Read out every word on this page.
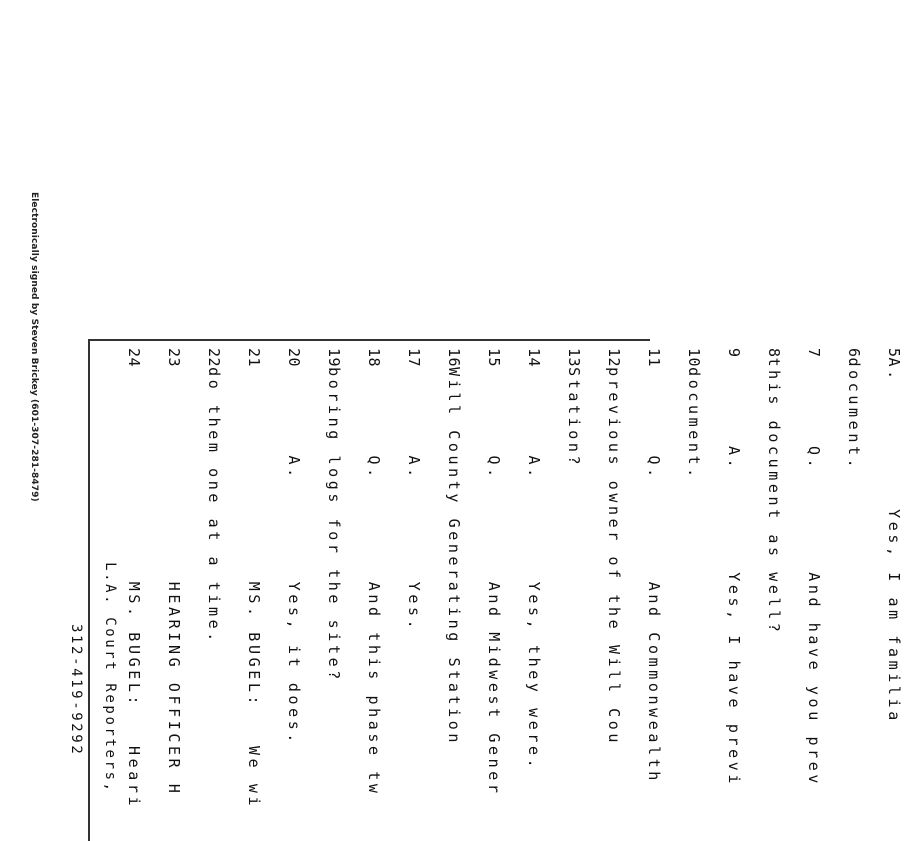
Electronically signed by Steven Brickey (601-307-281-8479)	5A.          Yes, I am familia
6document.
7       Q.        And have you prev
8this document as well?
9       A.        Yes, I have previ
10document.
11       Q.        And Commonwealth
12previous owner of the Will Cou
13Station?
14       A.        Yes, they were.
15       Q.        And Midwest Gener
16Will County Generating Station
17       A.        Yes.
18       Q.        And this phase tw
19boring logs for the site?
20       A.        Yes, it does.
21                 MS. BUGEL:   We wi
22do them one at a time.
23                 HEARING OFFICER H
24                 MS. BUGEL:   Heari

L.A. Court Reporters,

312-419-9292
